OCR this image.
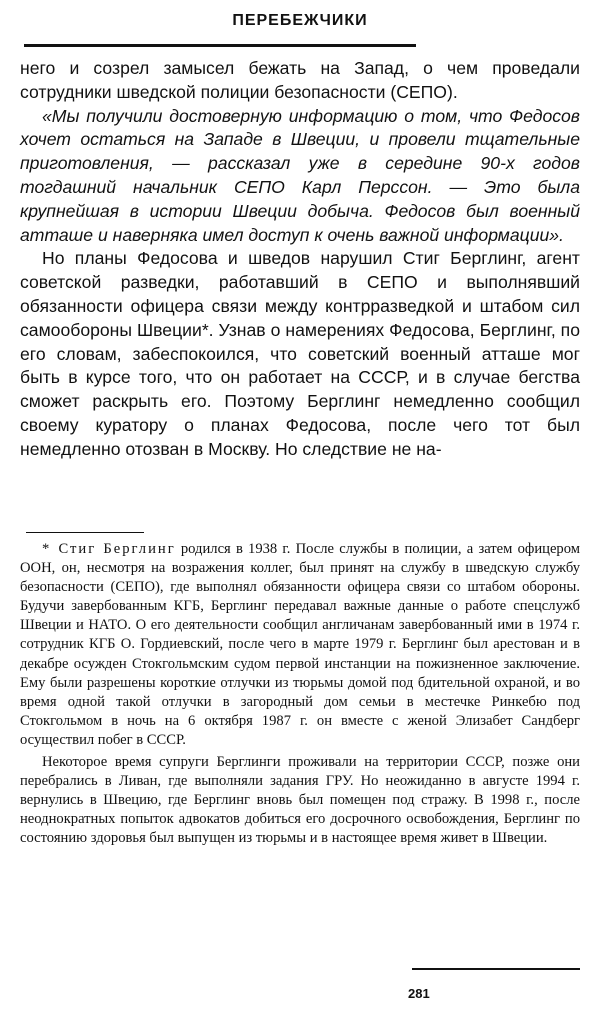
ПЕРЕБЕЖЧИКИ

него и созрел замысел бежать на Запад, о чем проведали сотрудники шведской полиции безопасности (СЕПО).

«Мы получили достоверную информацию о том, что Федосов хочет остаться на Западе в Швеции, и провели тщательные приготовления, — рассказал уже в середине 90-х годов тогдашний начальник СЕПО Карл Перссон. — Это была крупнейшая в истории Швеции добыча. Федосов был военный атташе и наверняка имел доступ к очень важной информации».

Но планы Федосова и шведов нарушил Стиг Берглинг, агент советской разведки, работавший в СЕПО и выполнявший обязанности офицера связи между контрразведкой и штабом сил самообороны Швеции*. Узнав о намерениях Федосова, Берглинг, по его словам, забеспокоился, что советский военный атташе мог быть в курсе того, что он работает на СССР, и в случае бегства сможет раскрыть его. Поэтому Берглинг немедленно сообщил своему куратору о планах Федосова, после чего тот был немедленно отозван в Москву. Но следствие не на-

* Стиг Берглинг родился в 1938 г. После службы в полиции, а затем офицером ООН, он, несмотря на возражения коллег, был принят на службу в шведскую службу безопасности (СЕПО), где выполнял обязанности офицера связи со штабом обороны. Будучи завербованным КГБ, Берглинг передавал важные данные о работе спецслужб Швеции и НАТО. О его деятельности сообщил англичанам завербованный ими в 1974 г. сотрудник КГБ О. Гордиевский, после чего в марте 1979 г. Берглинг был арестован и в декабре осужден Стокгольмским судом первой инстанции на пожизненное заключение. Ему были разрешены короткие отлучки из тюрьмы домой под бдительной охраной, и во время одной такой отлучки в загородный дом семьи в местечке Ринкебю под Стокгольмом в ночь на 6 октября 1987 г. он вместе с женой Элизабет Сандберг осуществил побег в СССР.

Некоторое время супруги Берглинги проживали на территории СССР, позже они перебрались в Ливан, где выполняли задания ГРУ. Но неожиданно в августе 1994 г. вернулись в Швецию, где Берглинг вновь был помещен под стражу. В 1998 г., после неоднократных попыток адвокатов добиться его досрочного освобождения, Берглинг по состоянию здоровья был выпущен из тюрьмы и в настоящее время живет в Швеции.

281
